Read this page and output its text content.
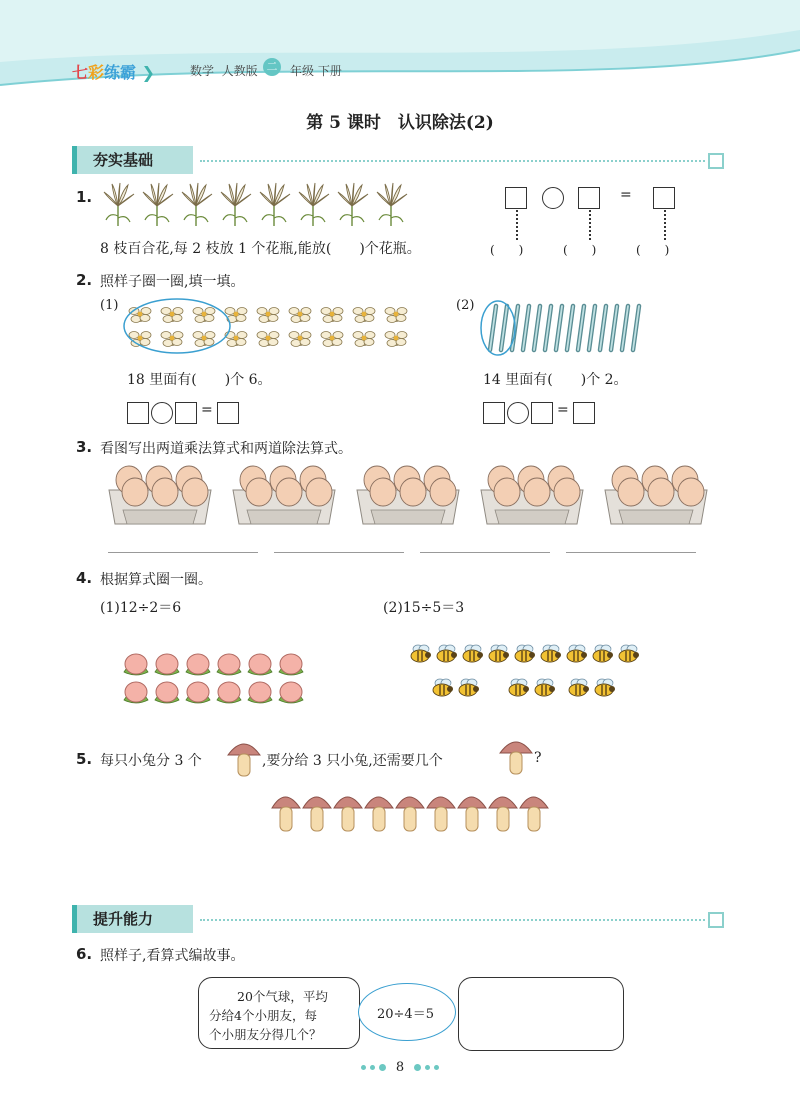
七彩练霸 ❯	数学 人教版 二 年级 下册
第 5 课时　认识除法(2)
夯实基础
1.
8 枝百合花,每 2 枝放 1 个花瓶,能放(　　)个花瓶。
=
(　　)	(　　)	(　　)
2. 照样子圈一圈,填一填。
(1)
18 里面有(　　)个 6。
=
(2)
14 里面有(　　)个 2。
=
3. 看图写出两道乘法算式和两道除法算式。
4. 根据算式圈一圈。
(1)12÷2＝6	(2)15÷5＝3
5. 每只小兔分 3 个	,要分给 3 只小兔,还需要几个	?
提升能力
6. 照样子,看算式编故事。
20个气球，平均
分给4个小朋友，每
个小朋友分得几个？
20÷4＝5
8
